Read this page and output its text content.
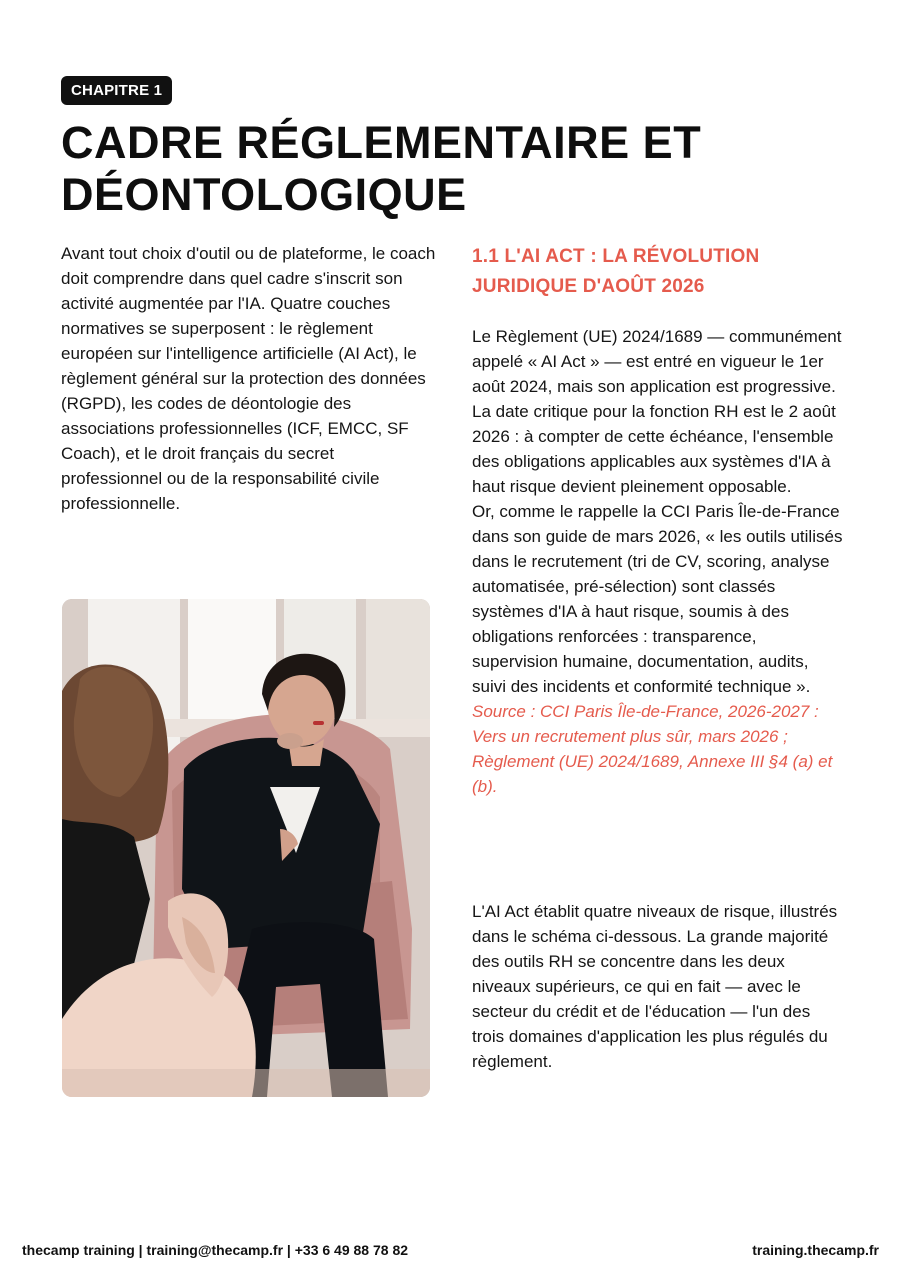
CHAPITRE 1
CADRE RÉGLEMENTAIRE ET DÉONTOLOGIQUE

Avant tout choix d'outil ou de plateforme, le coach doit comprendre dans quel cadre s'inscrit son activité augmentée par l'IA. Quatre couches normatives se superposent : le règlement européen sur l'intelligence artificielle (AI Act), le règlement général sur la protection des données (RGPD), les codes de déontologie des associations professionnelles (ICF, EMCC, SF Coach), et le droit français du secret professionnel ou de la responsabilité civile professionnelle.

1.1 L'AI ACT : LA RÉVOLUTION JURIDIQUE D'AOÛT 2026

Le Règlement (UE) 2024/1689 — communément appelé « AI Act » — est entré en vigueur le 1er août 2024, mais son application est progressive. La date critique pour la fonction RH est le 2 août 2026 : à compter de cette échéance, l'ensemble des obligations applicables aux systèmes d'IA à haut risque devient pleinement opposable.
Or, comme le rappelle la CCI Paris Île-de-France dans son guide de mars 2026, « les outils utilisés dans le recrutement (tri de CV, scoring, analyse automatisée, pré-sélection) sont classés systèmes d'IA à haut risque, soumis à des obligations renforcées : transparence, supervision humaine, documentation, audits, suivi des incidents et conformité technique ».
Source : CCI Paris Île-de-France, 2026-2027 : Vers un recrutement plus sûr, mars 2026 ; Règlement (UE) 2024/1689, Annexe III §4 (a) et (b).

L'AI Act établit quatre niveaux de risque, illustrés dans le schéma ci-dessous. La grande majorité des outils RH se concentre dans les deux niveaux supérieurs, ce qui en fait — avec le secteur du crédit et de l'éducation — l'un des trois domaines d'application les plus régulés du règlement.

thecamp training | training@thecamp.fr | +33 6 49 88 78 82	training.thecamp.fr
